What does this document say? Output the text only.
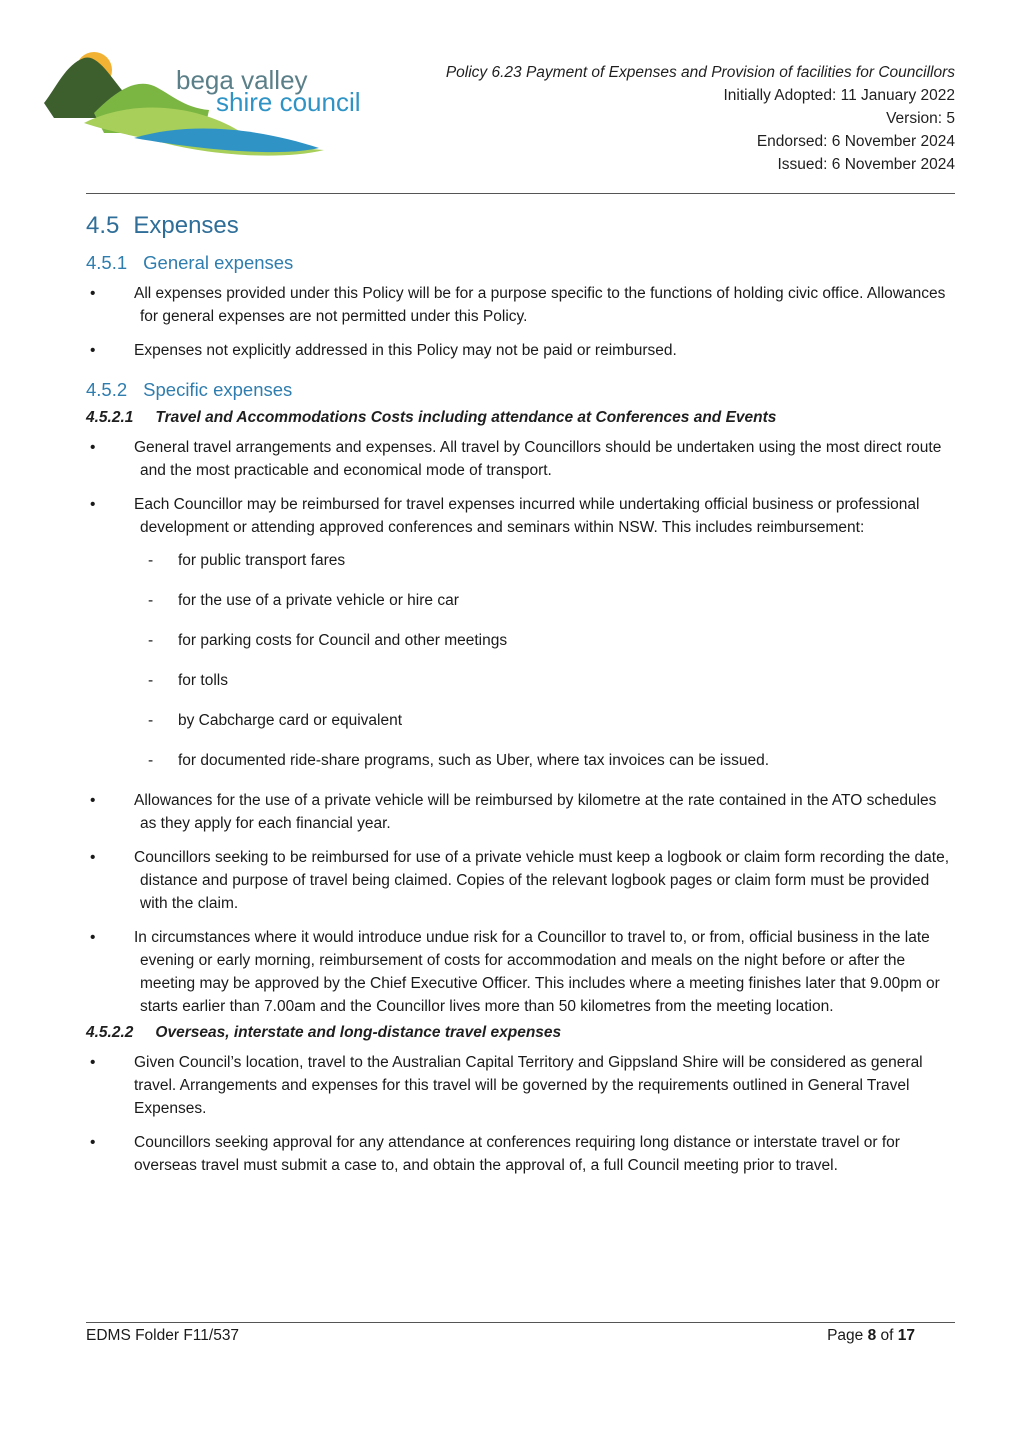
bega valley
shire council
Policy 6.23 Payment of Expenses and Provision of facilities for Councillors
Initially Adopted: 11 January 2022
Version: 5
Endorsed: 6 November 2024
Issued: 6 November 2024
4.5 Expenses
4.5.1 General expenses
• All expenses provided under this Policy will be for a purpose specific to the functions of holding civic office. Allowances for general expenses are not permitted under this Policy.
• Expenses not explicitly addressed in this Policy may not be paid or reimbursed.
4.5.2 Specific expenses
4.5.2.1 Travel and Accommodations Costs including attendance at Conferences and Events
• General travel arrangements and expenses. All travel by Councillors should be undertaken using the most direct route and the most practicable and economical mode of transport.
• Each Councillor may be reimbursed for travel expenses incurred while undertaking official business or professional development or attending approved conferences and seminars within NSW. This includes reimbursement:
- for public transport fares
- for the use of a private vehicle or hire car
- for parking costs for Council and other meetings
- for tolls
- by Cabcharge card or equivalent
- for documented ride-share programs, such as Uber, where tax invoices can be issued.
• Allowances for the use of a private vehicle will be reimbursed by kilometre at the rate contained in the ATO schedules as they apply for each financial year.
• Councillors seeking to be reimbursed for use of a private vehicle must keep a logbook or claim form recording the date, distance and purpose of travel being claimed. Copies of the relevant logbook pages or claim form must be provided with the claim.
• In circumstances where it would introduce undue risk for a Councillor to travel to, or from, official business in the late evening or early morning, reimbursement of costs for accommodation and meals on the night before or after the meeting may be approved by the Chief Executive Officer. This includes where a meeting finishes later that 9.00pm or starts earlier than 7.00am and the Councillor lives more than 50 kilometres from the meeting location.
4.5.2.2 Overseas, interstate and long-distance travel expenses
• Given Council’s location, travel to the Australian Capital Territory and Gippsland Shire will be considered as general travel. Arrangements and expenses for this travel will be governed by the requirements outlined in General Travel Expenses.
• Councillors seeking approval for any attendance at conferences requiring long distance or interstate travel or for overseas travel must submit a case to, and obtain the approval of, a full Council meeting prior to travel.
EDMS Folder F11/537	Page 8 of 17
